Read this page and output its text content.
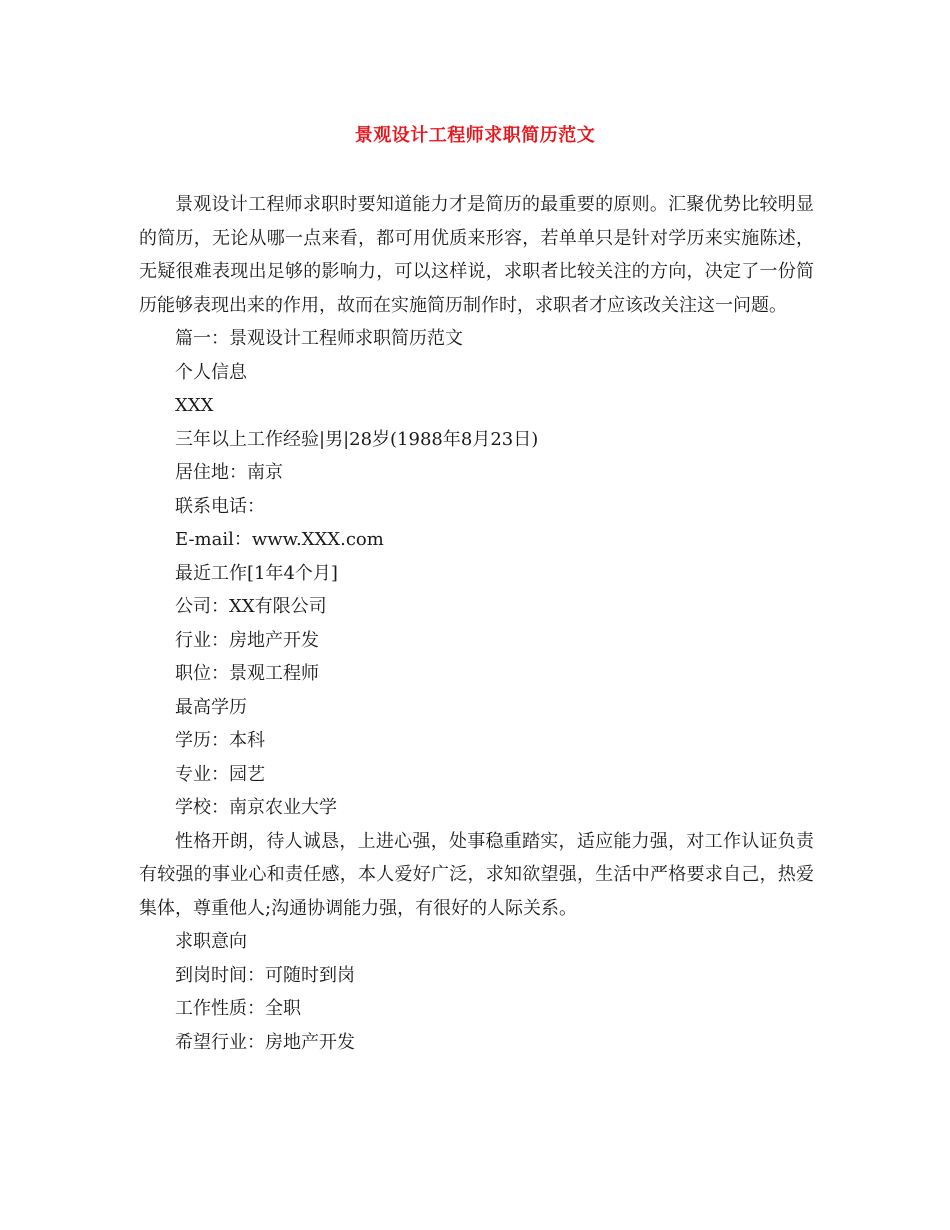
景观设计工程师求职简历范文

景观设计工程师求职时要知道能力才是简历的最重要的原则。汇聚优势比较明显的简历，无论从哪一点来看，都可用优质来形容，若单单只是针对学历来实施陈述，无疑很难表现出足够的影响力，可以这样说，求职者比较关注的方向，决定了一份简历能够表现出来的作用，故而在实施简历制作时，求职者才应该改关注这一问题。

篇一：景观设计工程师求职简历范文

个人信息

XXX

三年以上工作经验|男|28岁(1988年8月23日)

居住地：南京

联系电话：

E-mail：www.XXX.com

最近工作[1年4个月]

公司：XX有限公司

行业：房地产开发

职位：景观工程师

最高学历

学历：本科

专业：园艺

学校：南京农业大学

性格开朗，待人诚恳，上进心强，处事稳重踏实，适应能力强，对工作认证负责有较强的事业心和责任感，本人爱好广泛，求知欲望强，生活中严格要求自己，热爱集体，尊重他人;沟通协调能力强，有很好的人际关系。

求职意向

到岗时间：可随时到岗

工作性质：全职

希望行业：房地产开发
